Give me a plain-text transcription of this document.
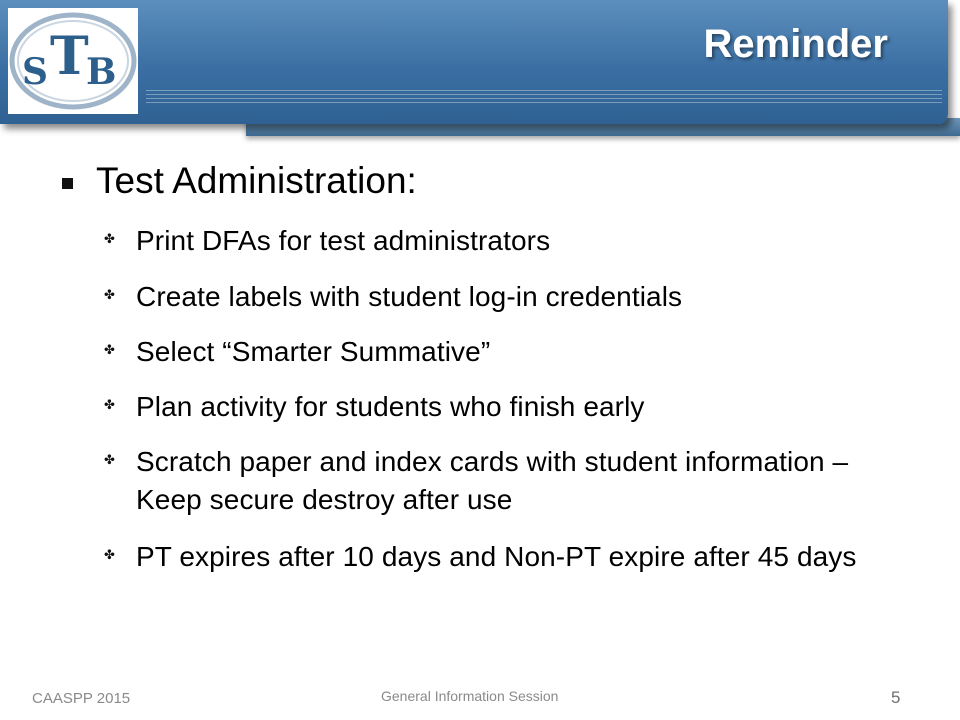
Reminder
S T
B
Test Administration:
✤ Print DFAs for test administrators
✤ Create labels with student log-in credentials
✤ Select “Smarter Summative”
✤ Plan activity for students who finish early
✤ Scratch paper and index cards with student information – Keep secure destroy after use
✤ PT expires after 10 days and Non-PT expire after 45 days
CAASPP 2015	General Information Session	5
